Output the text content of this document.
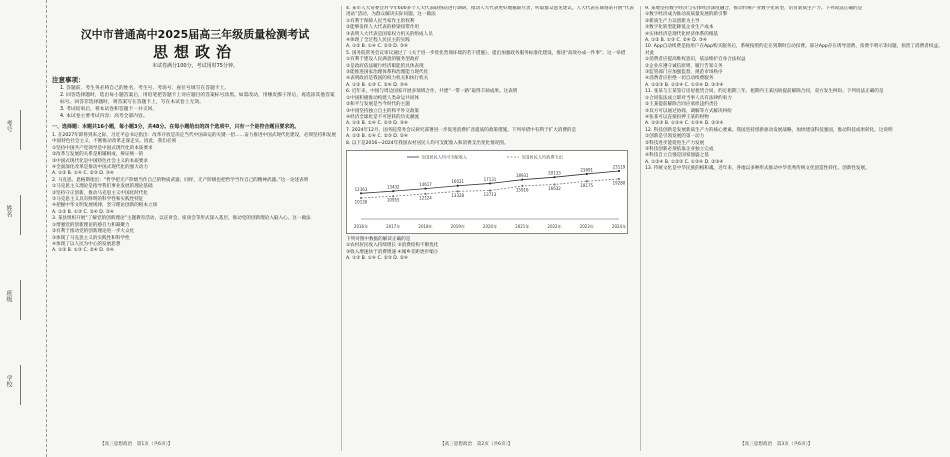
考号
姓名
班级
学校
汉中市普通高中2025届高三年级质量检测考试
思想政治
本试卷满分100分，考试用时75分钟。
注意事项：
1. 答题前，考生务必将自己的姓名、考生号、考场号、座位号填写在答题卡上。
2. 回答选择题时，选出每小题答案后，用铅笔把答题卡上对应题目的答案标号涂黑。如需改动，用橡皮擦干净后，再选涂其他答案标号。回答非选择题时，将答案写在答题卡上，写在本试卷上无效。
3. 考试结束后，将本试卷和答题卡一并交回。
4. 本试卷主要考试内容：高考全部内容。
一、选择题：本题共16小题，每小题3分，共48分。在每小题给出的四个选项中，只有一个是符合题目要求的。

1. 在2027年即将到来之际，习近平总书记指出：改革开放是决定当代中国命运的关键一招……奋力推进中国式现代化建设，必须坚持和发展中国特色社会主义，不断推动改革走深走实。因此，我们必须

①坚持中国共产党领导是中国式现代化的本质要求

②改革与发展的关系是相辅相成、辩证统一的

③中国式现代化是中国特色社会主义的本质要求

④全面深化改革是推动中国式现代化的强大动力

A. ①② B. ①④ C. ②③ D. ③④

2. 马克思、恩格斯指出：“哲学把无产阶级当作自己的物质武器，同样，无产阶级也把哲学当作自己的精神武器。”这一论述表明

①马克思主义理论是指导我们事业发展的理论基础

②坚持守正创新，推动马克思主义中国化时代化

③马克思主义具有鲜明的科学性和实践性特征

④把握中华文明发展规律，坚守理论创新的根本立场

A. ①② B. ①③ C. ②④ D. ③④

3. 某县组织开展“了解党的创新理论”主题教育活动，以宣讲会、座谈会等形式深入基层，推动党的创新理论入脑入心。这一做法

①增强党的创新理论的感召力和凝聚力

②有利于推动党的创新理论进一步大众化

③体现了马克思主义的实践性和科学性

④体现了以人民为中心的发展思想

A. ①② B. ①③ C. ②④ D. ③④

4. 某市人大常委会对今年600多个人大代表联络站进行调研，推动人大代表更好地履职尽责，听取群众意见建议。人大代表在联络站开展“代表进站”活动，为群众解决实际问题。这一做法

①有利于保障人民当家作主的权利

②能够发挥人大代表的桥梁纽带作用

③表明人大代表是国家权力机关的组成人员

④体现了全过程人民民主的实践

A. ①② B. ①④ C. ②③ D. ③④

5. 国务院常务会议审议通过了《关于进一步优化营商环境的若干措施》，提出加强政务服务标准化建设，推进“高效办成一件事”。这一举措

①有利于建设人民满意的服务型政府

②是政府依法履行经济职能的具体表现

③能推进国家治理体系和治理能力现代化

④表明政府是我国的权力机关和执行机关

A. ①② B. ①③ C. ②④ D. ③④

6. 近年来，中国与周边国家开展多领域合作，共建“一带一路”取得丰硕成果。这表明

①中国积极推动构建人类命运共同体

②和平与发展是当今时代的主题

③中国坚持独立自主的和平外交政策

④经济全球化是不可逆转的历史潮流

A. ①② B. ①④ C. ②③ D. ③④

7. 2024年12月，国务院常务会议研究部署进一步促进消费扩容提质的政策措施。下列举措中有利于扩大消费的是

A. ①② B. ①④ C. ②③ D. ②④

8. 以下是2016—2024年我国农村居民人均可支配收入和消费支出变化情况图。

12363	13432	14617
16021	17131
18931	20133
21691
23119
全国居民人均可支配收入
10130	10955	12124
13328	13713
15916	16632
18175	19280
全国居民人均消费支出
2016年	2017年	2018年	2019年	2020年	2021年	2022年	2023年	2024年

下列对图中数据的解读正确的是

①农村居民收入持续增长 ②消费结构不断优化

③收入增速快于消费增速 ④城乡差距逐步缩小

A. ①③ B. ①④ C. ②③ D. ②④

9. 某地坚持数字经济与实体经济深度融合，推动传统产业数字化转型，培育新质生产力。下列说法正确的是

①数字经济成为推动高质量发展的新引擎

②新质生产力以创新为主导

③数字化转型能降低企业生产成本

④实体经济是现代化经济体系的根基

A. ①② B. ①③ C. ②④ D. ③④

10. App自动续费是指用户在App购买服务后，系统按照约定在到期时自动扣费。部分App存在诱导消费、扣费不明示等问题，损害了消费者权益。对此

①消费者应提高维权意识，依法维护自身合法权益

②企业应遵守诚信原则，履行告知义务

③监管部门应加强监督，规范市场秩序

④消费者应拒绝一切自动续费服务

A. ①②③ B. ①②④ C. ①③④ D. ②③④

11. 张某与王某签订房屋租赁合同，约定租期三年。租期内王某因故提前解除合同，双方发生纠纷。下列说法正确的是

①合同依法成立即对当事人具有法律约束力

②王某提前解除合同应承担违约责任

③双方可以通过协商、调解等方式解决纠纷

④张某可以直接扣押王某的财物

A. ①②③ B. ①②④ C. ①③④ D. ②③④

12. 科技创新是发展新质生产力的核心要素。我国坚持创新驱动发展战略，加快建设科技强国，推动科技成果转化。这说明

①创新是引领发展的第一动力

②科技进步能促进生产力发展

③科技创新必须依靠企业独立完成

④科技自立自强是国家强盛之基

A. ①②④ B. ①②③ C. ①③④ D. ②③④

13. 传统文化是中华民族的根和魂。近年来，各地以多种形式推动中华优秀传统文化创造性转化、创新性发展。

【高三思想政治　第1页（共6页）】	【高三思想政治　第2页（共6页）】	【高三思想政治　第3页（共6页）】
